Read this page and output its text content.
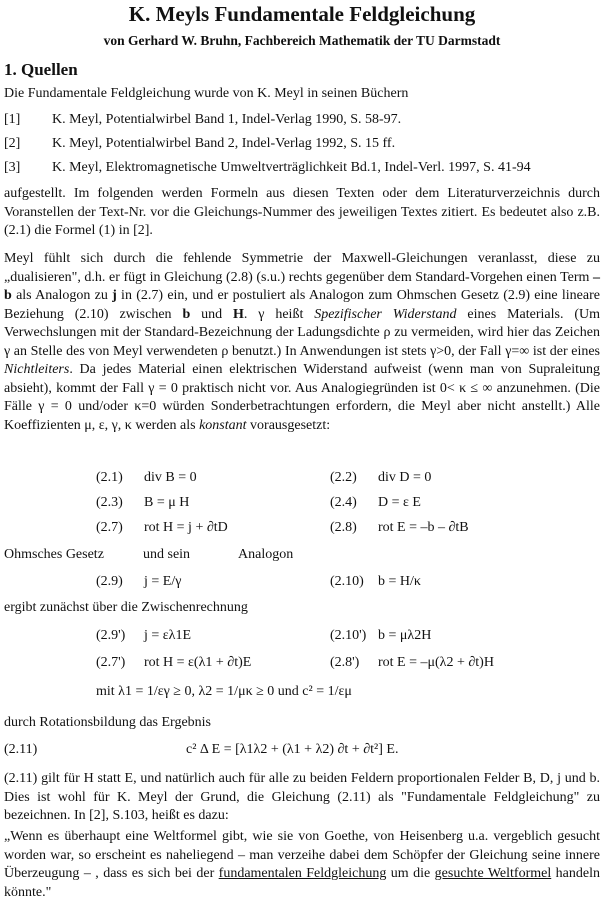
K. Meyls Fundamentale Feldgleichung
von Gerhard W. Bruhn, Fachbereich Mathematik der TU Darmstadt
1. Quellen
Die Fundamentale Feldgleichung wurde von K. Meyl in seinen Büchern
[1] K. Meyl, Potentialwirbel Band 1, Indel-Verlag 1990, S. 58-97.
[2] K. Meyl, Potentialwirbel Band 2, Indel-Verlag 1992, S. 15 ff.
[3] K. Meyl, Elektromagnetische Umweltverträglichkeit Bd.1, Indel-Verl. 1997, S. 41-94
aufgestellt. Im folgenden werden Formeln aus diesen Texten oder dem Literaturverzeichnis durch Voranstellen der Text-Nr. vor die Gleichungs-Nummer des jeweiligen Textes zitiert. Es bedeutet also z.B. (2.1) die Formel (1) in [2].
Meyl fühlt sich durch die fehlende Symmetrie der Maxwell-Gleichungen veranlasst, diese zu „dualisieren", d.h. er fügt in Gleichung (2.8) (s.u.) rechts gegenüber dem Standard-Vorgehen einen Term –b als Analogon zu j in (2.7) ein, und er postuliert als Analogon zum Ohmschen Gesetz (2.9) eine lineare Beziehung (2.10) zwischen b und H. γ heißt Spezifischer Widerstand eines Materials. (Um Verwechslungen mit der Standard-Bezeichnung der Ladungsdichte ρ zu vermeiden, wird hier das Zeichen γ an Stelle des von Meyl verwendeten ρ benutzt.) In Anwendungen ist stets γ>0, der Fall γ=∞ ist der eines Nichtleiters. Da jedes Material einen elektrischen Widerstand aufweist (wenn man von Supraleitung absieht), kommt der Fall γ = 0 praktisch nicht vor. Aus Analogiegründen ist 0< κ ≤ ∞ anzunehmen. (Die Fälle γ = 0 und/oder κ=0 würden Sonderbetrachtungen erfordern, die Meyl aber nicht anstellt.) Alle Koeffizienten μ, ε, γ, κ werden als konstant vorausgesetzt:
(2.1) div B = 0	(2.2) div D = 0
(2.3) B = μ H	(2.4) D = ε E
(2.7) rot H = j + ∂tD	(2.8) rot E = –b – ∂tB
Ohmsches Gesetz	und sein	Analogon
(2.9) j = E/γ	(2.10) b = H/κ
ergibt zunächst über die Zwischenrechnung
(2.9') j = ελ1E	(2.10') b = μλ2H
(2.7') rot H = ε(λ1 + ∂t)E	(2.8') rot E = –μ(λ2 + ∂t)H
mit λ1 = 1/εγ ≥ 0, λ2 = 1/μκ ≥ 0 und c² = 1/εμ
durch Rotationsbildung das Ergebnis
(2.11)	c² Δ E = [λ1λ2 + (λ1 + λ2) ∂t + ∂t²] E.
(2.11) gilt für H statt E, und natürlich auch für alle zu beiden Feldern proportionalen Felder B, D, j und b. Dies ist wohl für K. Meyl der Grund, die Gleichung (2.11) als "Fundamentale Feldgleichung" zu bezeichnen. In [2], S.103, heißt es dazu:
„Wenn es überhaupt eine Weltformel gibt, wie sie von Goethe, von Heisenberg u.a. vergeblich gesucht worden war, so erscheint es naheliegend – man verzeihe dabei dem Schöpfer der Gleichung seine innere Überzeugung – , dass es sich bei der fundamentalen Feldgleichung um die gesuchte Weltformel handeln könnte."
